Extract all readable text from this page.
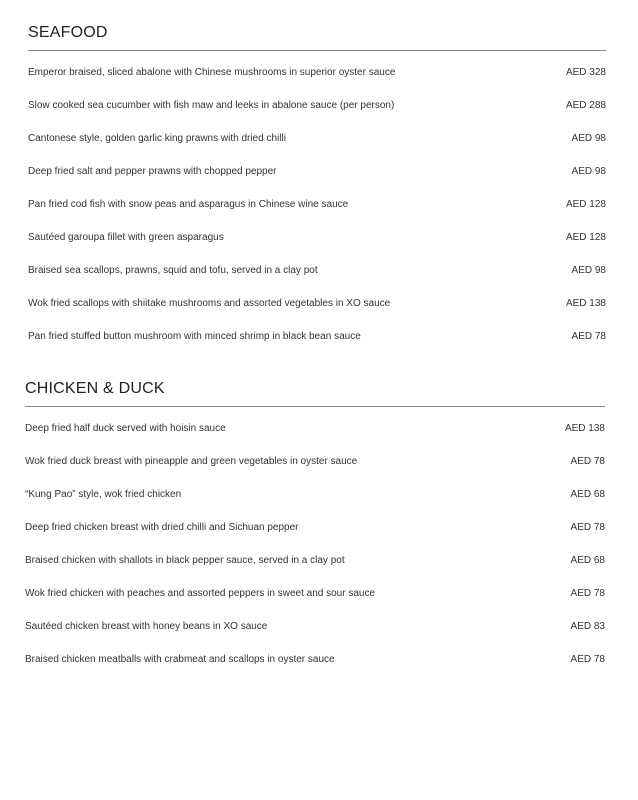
SEAFOOD
Emperor braised, sliced abalone with Chinese mushrooms in superior oyster sauce	AED 328
Slow cooked sea cucumber with fish maw and leeks in abalone sauce (per person)	AED 288
Cantonese style, golden garlic king prawns with dried chilli	AED 98
Deep fried salt and pepper prawns with chopped pepper	AED 98
Pan fried cod fish with snow peas and asparagus in Chinese wine sauce	AED 128
Sautéed garoupa fillet with green asparagus	AED 128
Braised sea scallops, prawns, squid and tofu, served in a clay pot	AED 98
Wok fried scallops with shiitake mushrooms and assorted vegetables in XO sauce	AED 138
Pan fried stuffed button mushroom with minced shrimp in black bean sauce	AED 78
CHICKEN & DUCK
Deep fried half duck served with hoisin sauce	AED 138
Wok fried duck breast with pineapple and green vegetables in oyster sauce	AED 78
“Kung Pao” style, wok fried chicken	AED 68
Deep fried chicken breast with dried chilli and Sichuan pepper	AED 78
Braised chicken with shallots in black pepper sauce, served in a clay pot	AED 68
Wok fried chicken with peaches and assorted peppers in sweet and sour sauce	AED 78
Sautéed chicken breast with honey beans in XO sauce	AED 83
Braised chicken meatballs with crabmeat and scallops in oyster sauce	AED 78
